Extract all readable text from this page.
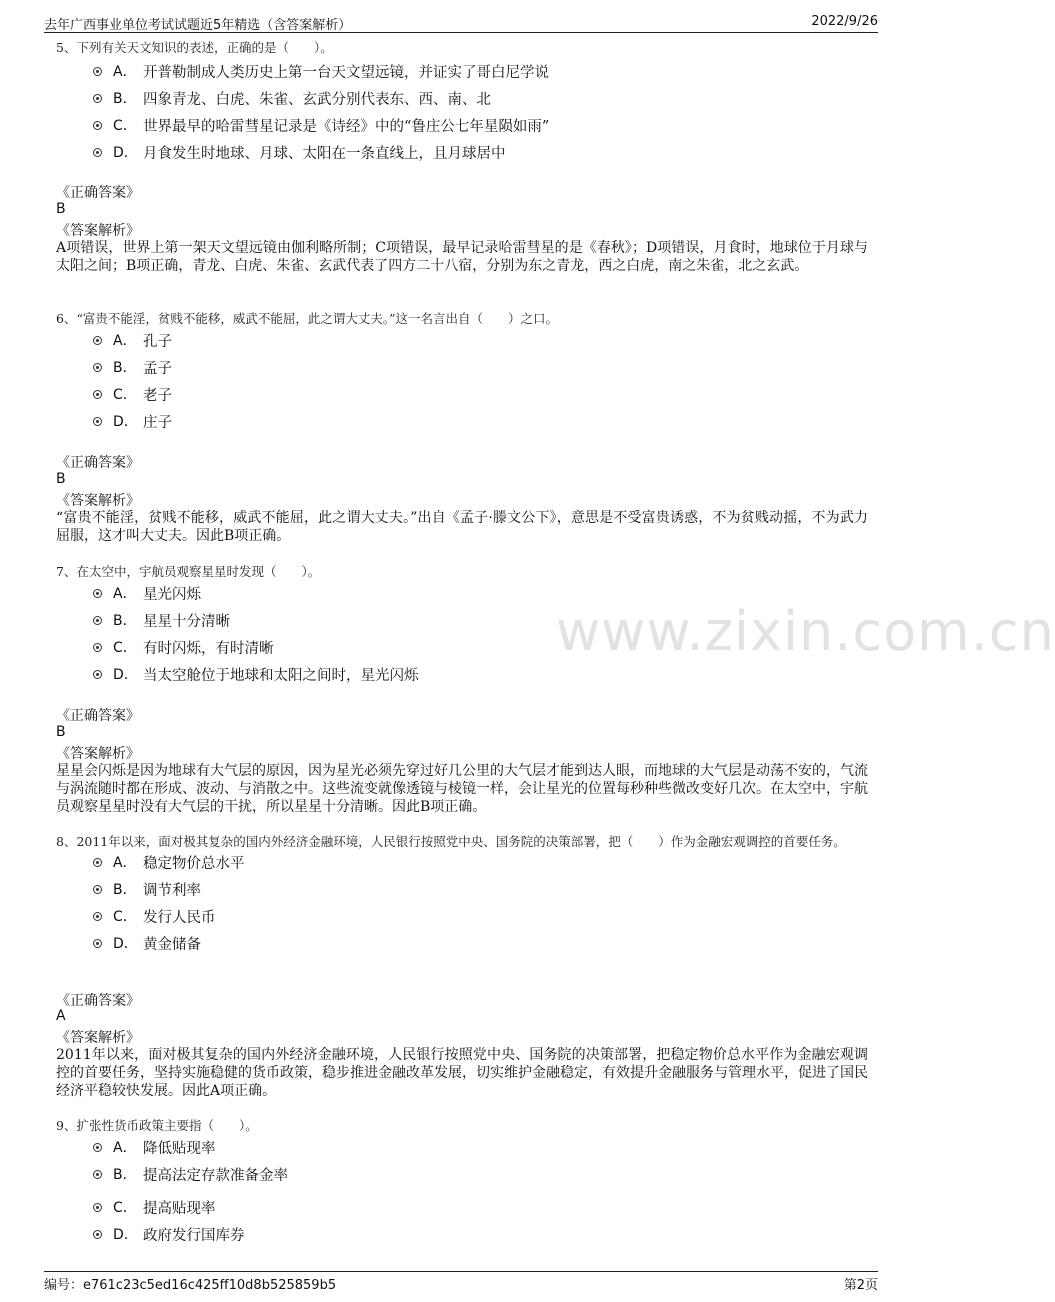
去年广西事业单位考试试题近5年精选（含答案解析）	2022/9/26
www.zixin.com.cn
5、下列有关天文知识的表述，正确的是（　　）。
A． 开普勒制成人类历史上第一台天文望远镜，并证实了哥白尼学说
B． 四象青龙、白虎、朱雀、玄武分别代表东、西、南、北
C． 世界最早的哈雷彗星记录是《诗经》中的“鲁庄公七年星陨如雨”
D． 月食发生时地球、月球、太阳在一条直线上，且月球居中
《正确答案》
B
《答案解析》
A项错误，世界上第一架天文望远镜由伽利略所制；C项错误，最早记录哈雷彗星的是《春秋》；D项错误，月食时，地球位于月球与太阳之间；B项正确，青龙、白虎、朱雀、玄武代表了四方二十八宿，分别为东之青龙，西之白虎，南之朱雀，北之玄武。
6、“富贵不能淫，贫贱不能移，威武不能屈，此之谓大丈夫。”这一名言出自（　　）之口。
A． 孔子
B． 孟子
C． 老子
D． 庄子
《正确答案》
B
《答案解析》
“富贵不能淫，贫贱不能移，威武不能屈，此之谓大丈夫。”出自《孟子·滕文公下》，意思是不受富贵诱惑，不为贫贱动摇，不为武力屈服，这才叫大丈夫。因此B项正确。
7、在太空中，宇航员观察星星时发现（　　）。
A． 星光闪烁
B． 星星十分清晰
C． 有时闪烁，有时清晰
D． 当太空舱位于地球和太阳之间时，星光闪烁
《正确答案》
B
《答案解析》
星星会闪烁是因为地球有大气层的原因，因为星光必须先穿过好几公里的大气层才能到达人眼，而地球的大气层是动荡不安的，气流与涡流随时都在形成、波动、与消散之中。这些流变就像透镜与棱镜一样，会让星光的位置每秒种些微改变好几次。在太空中，宇航员观察星星时没有大气层的干扰，所以星星十分清晰。因此B项正确。
8、2011年以来，面对极其复杂的国内外经济金融环境，人民银行按照党中央、国务院的决策部署，把（　　）作为金融宏观调控的首要任务。
A． 稳定物价总水平
B． 调节利率
C． 发行人民币
D． 黄金储备
《正确答案》
A
《答案解析》
2011年以来，面对极其复杂的国内外经济金融环境，人民银行按照党中央、国务院的决策部署，把稳定物价总水平作为金融宏观调控的首要任务，坚持实施稳健的货币政策，稳步推进金融改革发展，切实维护金融稳定，有效提升金融服务与管理水平，促进了国民经济平稳较快发展。因此A项正确。
9、扩张性货币政策主要指（　　）。
A． 降低贴现率
B． 提高法定存款准备金率
C． 提高贴现率
D． 政府发行国库券
编号：e761c23c5ed16c425ff10d8b525859b5	第2页
